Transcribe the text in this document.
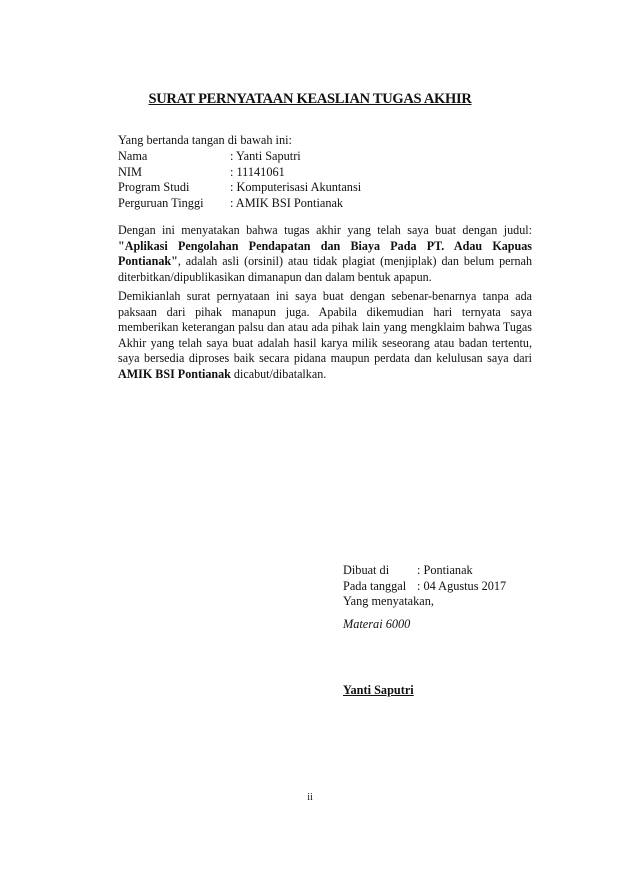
SURAT PERNYATAAN KEASLIAN TUGAS AKHIR
Yang bertanda tangan di bawah ini:
Nama	: Yanti Saputri
NIM	: 11141061
Program Studi	: Komputerisasi Akuntansi
Perguruan Tinggi	: AMIK BSI Pontianak

Dengan ini menyatakan bahwa tugas akhir yang telah saya buat dengan judul: "Aplikasi Pengolahan Pendapatan dan Biaya Pada PT. Adau Kapuas Pontianak", adalah asli (orsinil) atau tidak plagiat (menjiplak) dan belum pernah diterbitkan/dipublikasikan dimanapun dan dalam bentuk apapun.

Demikianlah surat pernyataan ini saya buat dengan sebenar-benarnya tanpa ada paksaan dari pihak manapun juga. Apabila dikemudian hari ternyata saya memberikan keterangan palsu dan atau ada pihak lain yang mengklaim bahwa Tugas Akhir yang telah saya buat adalah hasil karya milik seseorang atau badan tertentu, saya bersedia diproses baik secara pidana maupun perdata dan kelulusan saya dari AMIK BSI Pontianak dicabut/dibatalkan.

Dibuat di	: Pontianak
Pada tanggal	: 04 Agustus 2017
Yang menyatakan,
Materai 6000
Yanti Saputri
ii
